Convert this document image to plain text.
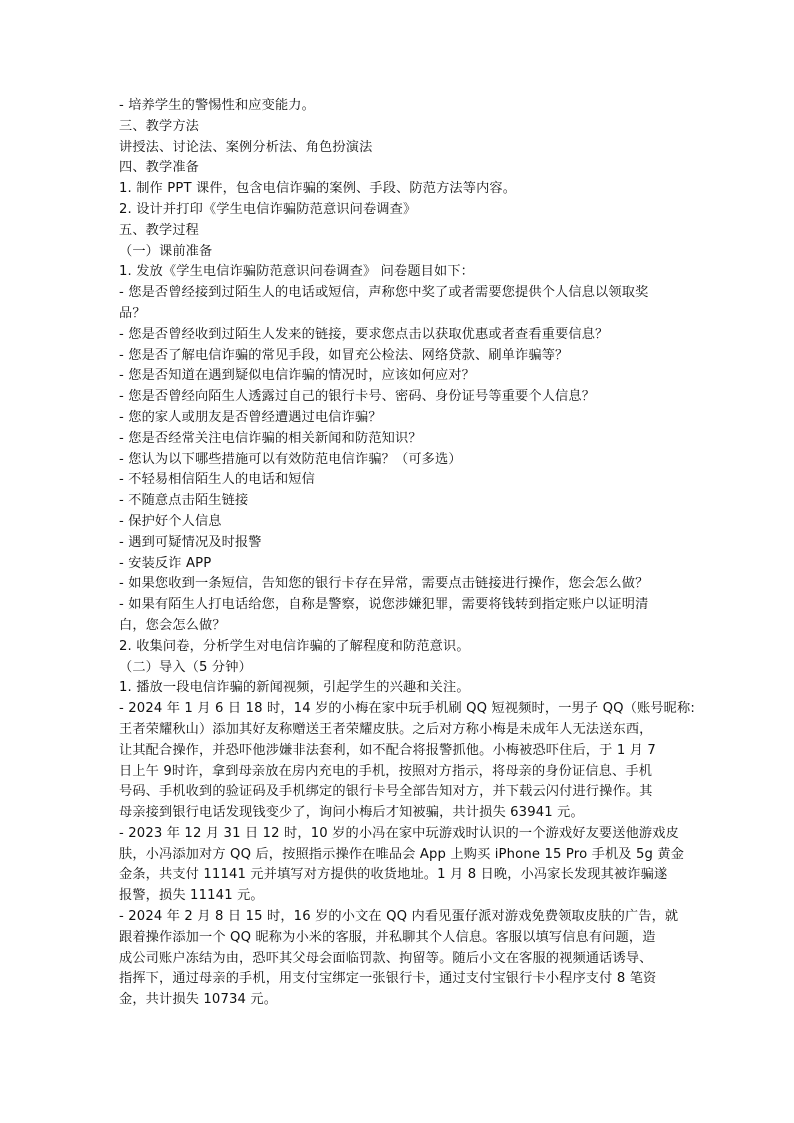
- 培养学生的警惕性和应变能力。
三、教学方法
讲授法、讨论法、案例分析法、角色扮演法
四、教学准备
1. 制作 PPT 课件，包含电信诈骗的案例、手段、防范方法等内容。
2. 设计并打印《学生电信诈骗防范意识问卷调查》
五、教学过程
（一）课前准备
1. 发放《学生电信诈骗防范意识问卷调查》 问卷题目如下：
- 您是否曾经接到过陌生人的电话或短信，声称您中奖了或者需要您提供个人信息以领取奖
品？
- 您是否曾经收到过陌生人发来的链接，要求您点击以获取优惠或者查看重要信息？
- 您是否了解电信诈骗的常见手段，如冒充公检法、网络贷款、刷单诈骗等？
- 您是否知道在遇到疑似电信诈骗的情况时，应该如何应对？
- 您是否曾经向陌生人透露过自己的银行卡号、密码、身份证号等重要个人信息？
- 您的家人或朋友是否曾经遭遇过电信诈骗？
- 您是否经常关注电信诈骗的相关新闻和防范知识？
- 您认为以下哪些措施可以有效防范电信诈骗？（可多选）
- 不轻易相信陌生人的电话和短信
- 不随意点击陌生链接
- 保护好个人信息
- 遇到可疑情况及时报警
- 安装反诈 APP
- 如果您收到一条短信，告知您的银行卡存在异常，需要点击链接进行操作，您会怎么做？
- 如果有陌生人打电话给您，自称是警察，说您涉嫌犯罪，需要将钱转到指定账户以证明清
白，您会怎么做？
2. 收集问卷，分析学生对电信诈骗的了解程度和防范意识。
（二）导入（5 分钟）
1. 播放一段电信诈骗的新闻视频，引起学生的兴趣和关注。
- 2024 年 1 月 6 日 18 时，14 岁的小梅在家中玩手机刷 QQ 短视频时，一男子 QQ（账号昵称:
王者荣耀秋山）添加其好友称赠送王者荣耀皮肤。之后对方称小梅是未成年人无法送东西，
让其配合操作，并恐吓他涉嫌非法套利，如不配合将报警抓他。小梅被恐吓住后，于 1 月 7
日上午 9时许，拿到母亲放在房内充电的手机，按照对方指示，将母亲的身份证信息、手机
号码、手机收到的验证码及手机绑定的银行卡号全部告知对方，并下载云闪付进行操作。其
母亲接到银行电话发现钱变少了，询问小梅后才知被骗，共计损失 63941 元。
- 2023 年 12 月 31 日 12 时，10 岁的小冯在家中玩游戏时认识的一个游戏好友要送他游戏皮
肤，小冯添加对方 QQ 后，按照指示操作在唯品会 App 上购买 iPhone 15 Pro 手机及 5g 黄金
金条，共支付 11141 元并填写对方提供的收货地址。1 月 8 日晚，小冯家长发现其被诈骗遂
报警，损失 11141 元。
- 2024 年 2 月 8 日 15 时，16 岁的小文在 QQ 内看见蛋仔派对游戏免费领取皮肤的广告，就
跟着操作添加一个 QQ 昵称为小米的客服，并私聊其个人信息。客服以填写信息有问题，造
成公司账户冻结为由，恐吓其父母会面临罚款、拘留等。随后小文在客服的视频通话诱导、
指挥下，通过母亲的手机，用支付宝绑定一张银行卡，通过支付宝银行卡小程序支付 8 笔资
金，共计损失 10734 元。
